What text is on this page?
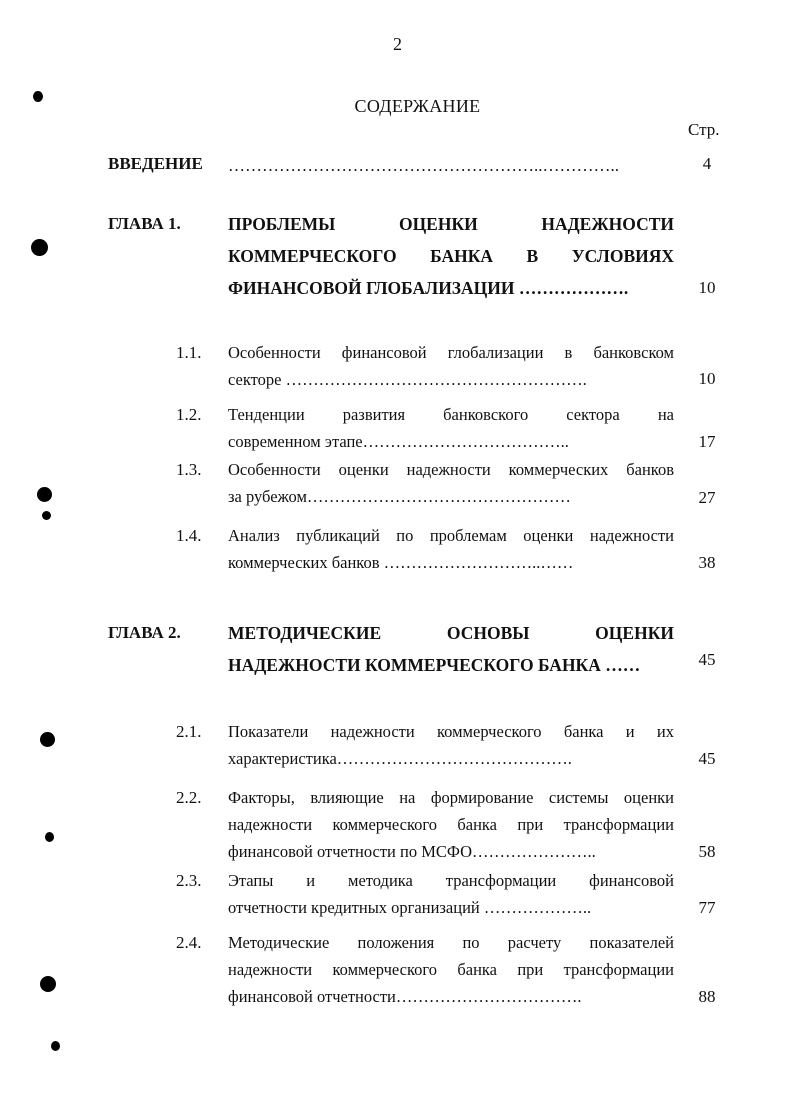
2
СОДЕРЖАНИЕ
Стр.
ВВЕДЕНИЕ ………………………………………………..…………..	4
ГЛАВА 1.	ПРОБЛЕМЫ ОЦЕНКИ НАДЕЖНОСТИ
КОММЕРЧЕСКОГО БАНКА В УСЛОВИЯХ
ФИНАНСОВОЙ ГЛОБАЛИЗАЦИИ ……………….	10
1.1. Особенности финансовой глобализации в банковском
секторе ……………………………………………….	10
1.2. Тенденции развития банковского сектора на
современном этапе………………………………..	17
1.3. Особенности оценки надежности коммерческих банков
за рубежом…………………………………………	27
1.4. Анализ публикаций по проблемам оценки надежности
коммерческих банков ………………………..……	38
ГЛАВА 2.	МЕТОДИЧЕСКИЕ ОСНОВЫ ОЦЕНКИ
НАДЕЖНОСТИ КОММЕРЧЕСКОГО БАНКА ……	45
2.1. Показатели надежности коммерческого банка и их
характеристика…………………………………….	45
2.2. Факторы, влияющие на формирование системы оценки
надежности коммерческого банка при трансформации
финансовой отчетности по МСФО…………………..	58
2.3. Этапы и методика трансформации финансовой
отчетности кредитных организаций ………………..	77
2.4. Методические положения по расчету показателей
надежности коммерческого банка при трансформации
финансовой отчетности…………………………….	88
